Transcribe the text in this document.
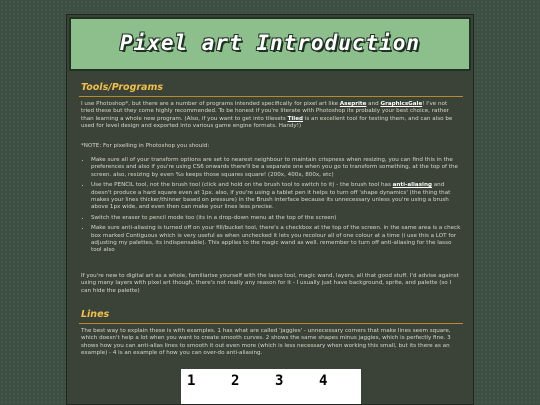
Pixel art Introduction
Tools/Programs

I use Photoshop*, but there are a number of programs intended specifically for pixel art like Aseprite and GraphicsGale! I've not tried these but they come highly recommended. To be honest if you're literate with Photoshop its probably your best choice, rather than learning a whole new program. (Also, if you want to get into tilesets Tiled is an excellent tool for testing them, and can also be used for level design and exported into various game engine formats. Handy!)

*NOTE: For pixelling in Photoshop you should:

• Make sure all of your transform options are set to nearest neighbour to maintain crispness when resizing, you can find this in the preferences and also if you're using CS6 onwards there'll be a separate one when you go to transform something, at the top of the screen. also, resizing by even %s keeps those squares square! (200x, 400x, 800x, etc)
• Use the PENCIL tool, not the brush tool (click and hold on the brush tool to switch to it) - the brush tool has anti-aliasing and doesn't produce a hard square even at 1px. also, if you're using a tablet pen it helps to turn off 'shape dynamics' (the thing that makes your lines thicker/thinner based on pressure) in the Brush interface because its unnecessary unless you're using a brush above 1px wide, and even then can make your lines less precise.
• Switch the eraser to pencil mode too (its in a drop-down menu at the top of the screen)
• Make sure anti-aliasing is turned off on your fill/bucket tool, there's a checkbox at the top of the screen. in the same area is a check box marked Contiguous which is very useful as when unchecked it lets you recolour all of one colour at a time (i use this a LOT for adjusting my palettes, its indispensable). This applies to the magic wand as well. remember to turn off anti-aliasing for the lasso tool also

If you're new to digital art as a whole, familiarise yourself with the lasso tool, magic wand, layers, all that good stuff. I'd advise against using many layers with pixel art though, there's not really any reason for it - I usually just have background, sprite, and palette (so I can hide the palette)

Lines

The best way to explain these is with examples. 1 has what are called 'jaggies' - unnecessary corners that make lines seem square, which doesn't help a lot when you want to create smooth curves. 2 shows the same shapes minus jaggies, which is perfectly fine. 3 shows how you can anti-alias lines to smooth it out even more (which is less necessary when working this small, but its there as an example) - 4 is an example of how you can over-do anti-aliasing.

1	2	3	4
